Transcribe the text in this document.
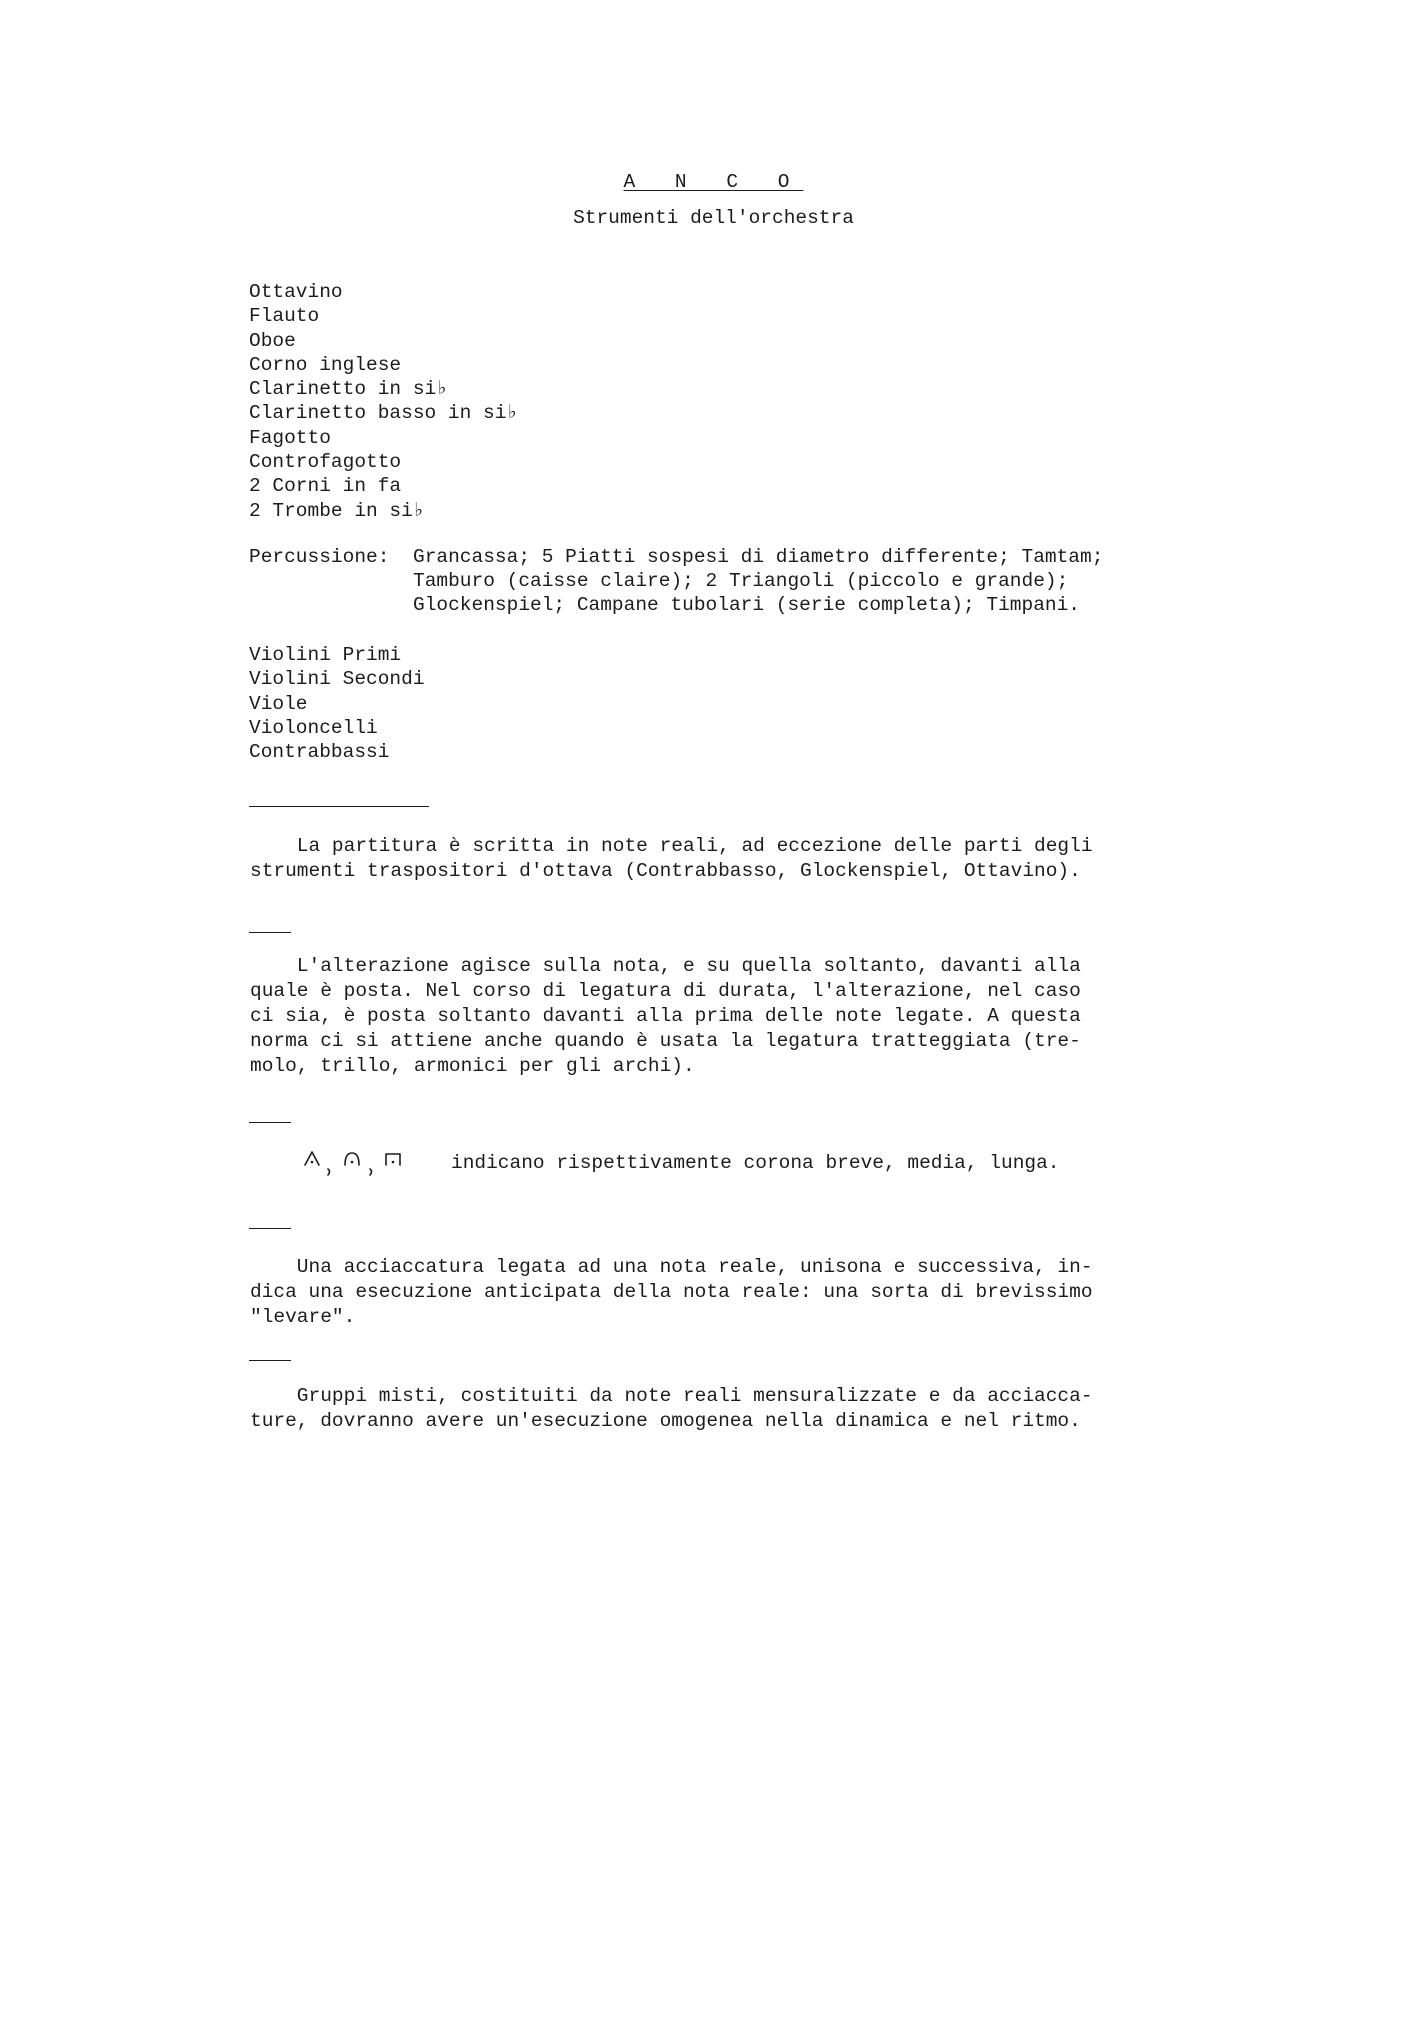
A N C O
Strumenti dell'orchestra
Ottavino
Flauto
Oboe
Corno inglese
Clarinetto in si♭
Clarinetto basso in si♭
Fagotto
Controfagotto
2 Corni in fa
2 Trombe in si♭
Percussione: Grancassa; 5 Piatti sospesi di diametro differente; Tamtam;
Tamburo (caisse claire); 2 Triangoli (piccolo e grande);
Glockenspiel; Campane tubolari (serie completa); Timpani.
Violini Primi
Violini Secondi
Viole
Violoncelli
Contrabbassi
La partitura è scritta in note reali, ad eccezione delle parti degli
strumenti traspositori d'ottava (Contrabbasso, Glockenspiel, Ottavino).
L'alterazione agisce sulla nota, e su quella soltanto, davanti alla
quale è posta. Nel corso di legatura di durata, l'alterazione, nel caso
ci sia, è posta soltanto davanti alla prima delle note legate. A questa
norma ci si attiene anche quando è usata la legatura tratteggiata (tre-
molo, trillo, armonici per gli archi).
indicano rispettivamente corona breve, media, lunga.
Una acciaccatura legata ad una nota reale, unisona e successiva, in-
dica una esecuzione anticipata della nota reale: una sorta di brevissimo
"levare".
Gruppi misti, costituiti da note reali mensuralizzate e da acciacca-
ture, dovranno avere un'esecuzione omogenea nella dinamica e nel ritmo.
